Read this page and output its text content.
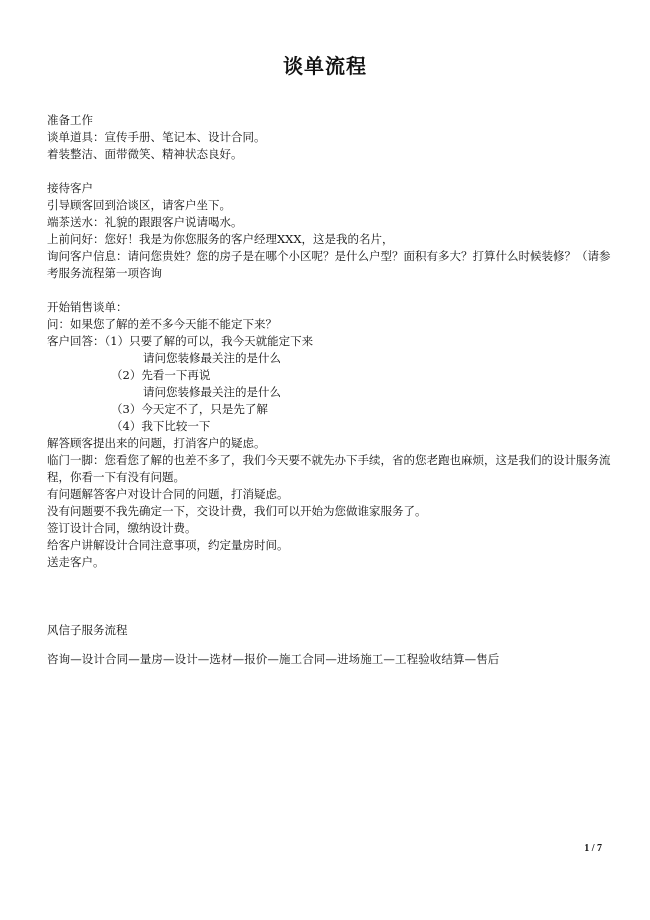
谈单流程
准备工作
谈单道具：宣传手册、笔记本、设计合同。
着装整洁、面带微笑、精神状态良好。
接待客户
引导顾客回到洽谈区，请客户坐下。
端茶送水：礼貌的跟跟客户说请喝水。
上前问好：您好！我是为你您服务的客户经理XXX，这是我的名片，
询问客户信息：请问您贵姓？您的房子是在哪个小区呢？是什么户型？面积有多大？打算什么时候装修？（请参考服务流程第一项咨询
开始销售谈单：
问：如果您了解的差不多今天能不能定下来？
客户回答：（1）只要了解的可以，我今天就能定下来
请问您装修最关注的是什么
（2）先看一下再说
请问您装修最关注的是什么
（3）今天定不了，只是先了解
（4）我下比较一下
解答顾客提出来的问题，打消客户的疑虑。
临门一脚：您看您了解的也差不多了，我们今天要不就先办下手续，省的您老跑也麻烦，这是我们的设计服务流程，你看一下有没有问题。
有问题解答客户对设计合同的问题，打消疑虑。
没有问题要不我先确定一下，交设计费，我们可以开始为您做谁家服务了。
签订设计合同，缴纳设计费。
给客户讲解设计合同注意事项，约定量房时间。
送走客户。
风信子服务流程
咨询—设计合同—量房—设计—选材—报价—施工合同—进场施工—工程验收结算—售后
1 / 7
